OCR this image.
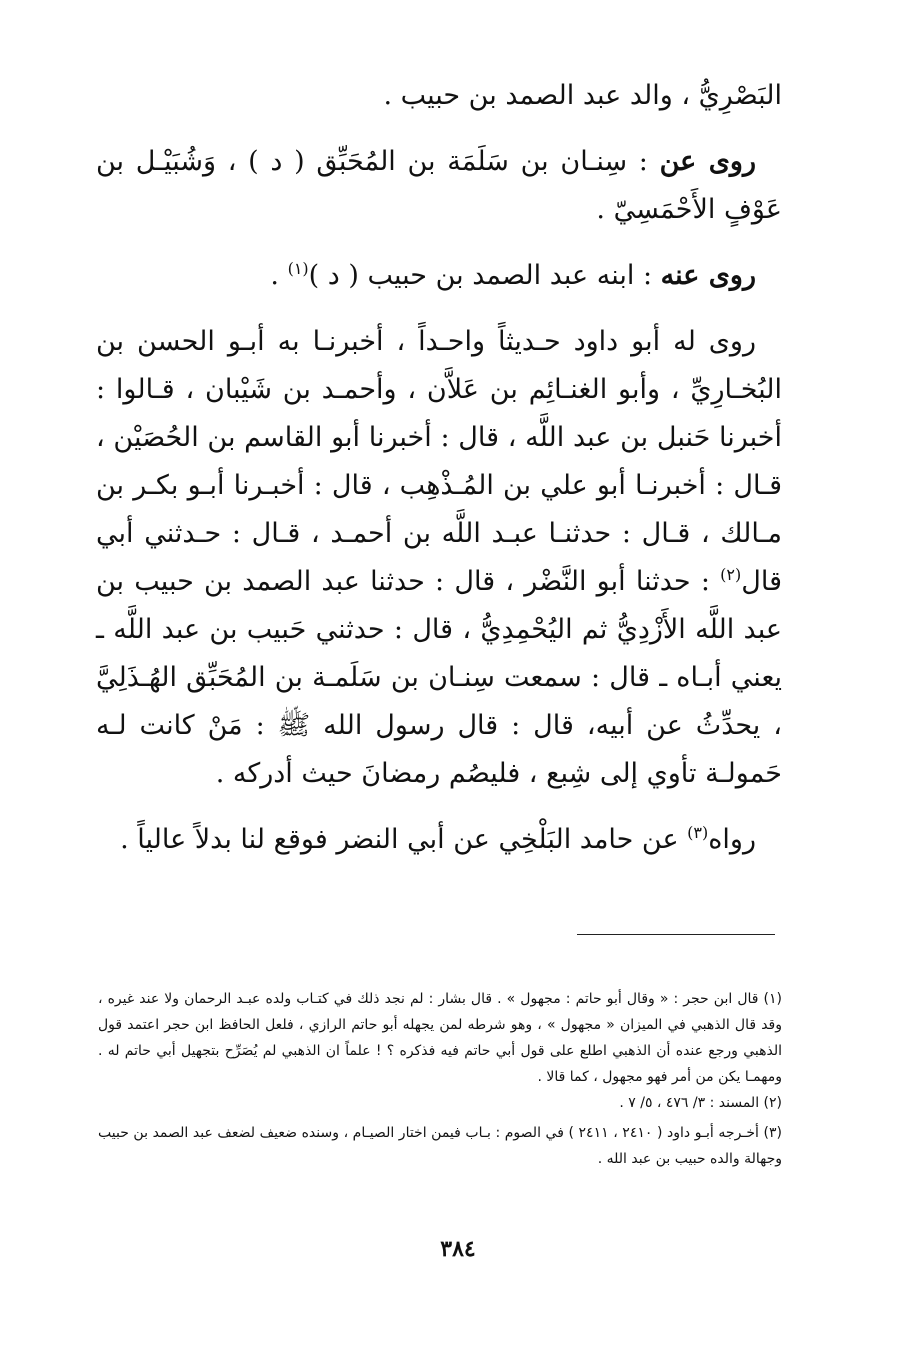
البَصْرِيُّ ، والد عبد الصمد بن حبيب .

روى عن : سِنـان بن سَلَمَة بن المُحَبِّق ( د ) ، وَشُبَيْـل بن عَوْفٍ الأَحْمَسِيّ .

روى عنه : ابنه عبد الصمد بن حبيب ( د )$^{(١)}$ .

روى له أبو داود حـديثاً واحـداً ، أخبرنـا به أبـو الحسن بن البُخـارِيِّ ، وأبو الغنـائِم بن عَلاَّن ، وأحمـد بن شَيْبان ، قـالوا : أخبرنا حَنبل بن عبد اللَّه ، قال : أخبرنا أبو القاسم بن الحُصَيْن ، قـال : أخبرنـا أبو علي بن المُـذْهِب ، قال : أخبـرنا أبـو بكـر بن مـالك ، قـال : حدثنـا عبـد اللَّه بن أحمـد ، قـال : حـدثني أبي قال$^{(٢)}$ : حدثنا أبو النَّضْر ، قال : حدثنا عبد الصمد بن حبيب بن عبد اللَّه الأَزْدِيُّ ثم اليُحْمِدِيُّ ، قال : حدثني حَبيب بن عبد اللَّه ـ يعني أبـاه ـ قال : سمعت سِنـان بن سَلَمـة بن المُحَبِّق الهُـذَلِيَّ ، يحدِّثُ عن أبيه، قال : قال رسول الله ﷺ : مَنْ كانت لـه حَمولـة تأوي إلى شِبع ، فليصُم رمضانَ حيث أدركه .

رواه$^{(٣)}$ عن حامد البَلْخِي عن أبي النضر فوقع لنا بدلاً عالياً .

(١) قال ابن حجر : « وقال أبو حاتم : مجهول » . قال بشار : لم نجد ذلك في كتـاب ولده عبـد الرحمان ولا عند غيره ، وقد قال الذهبي في الميزان « مجهول » ، وهو شرطه لمن يجهله أبو حاتم الرازي ، فلعل الحافظ ابن حجر اعتمد قول الذهبي ورجع عنده أن الذهبي اطلع على قول أبي حاتم فيه فذكره ؟ ! علماً ان الذهبي لم يُصَرِّح بتجهيل أبي حاتم له . ومهمـا يكن من أمر فهو مجهول ، كما قالا .

(٢) المسند : ٣/ ٤٧٦ ، ٥/ ٧ .

(٣) أخـرجه أبـو داود ( ٢٤١٠ ، ٢٤١١ ) في الصوم : بـاب فيمن اختار الصيـام ، وسنده ضعيف لضعف عبد الصمد بن حبيب وجهالة والده حبيب بن عبد الله .

٣٨٤
